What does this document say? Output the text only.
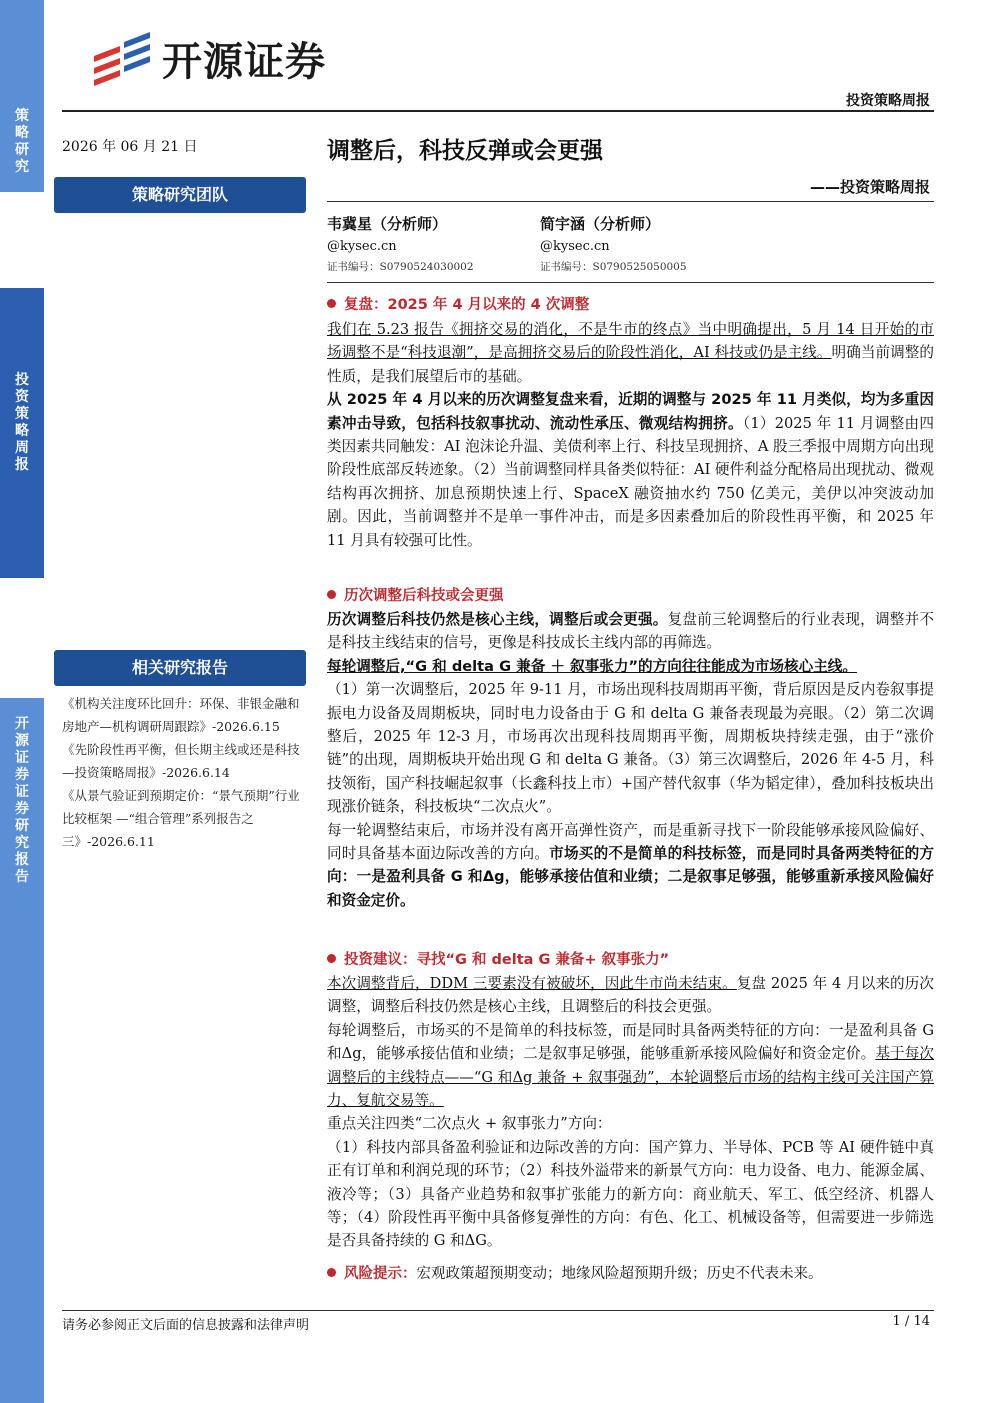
策略研究
投资策略周报
开源证券 证券研究报告
开源证券
投资策略周报
2026 年 06 月 21 日
策略研究团队
相关研究报告

《机构关注度环比回升：环保、非银金融和房地产—机构调研周跟踪》-2026.6.15

《先阶段性再平衡，但长期主线或还是科技—投资策略周报》-2026.6.14

《从景气验证到预期定价：“景气预期”行业比较框架 —“组合管理”系列报告之三》-2026.6.11

调整后，科技反弹或会更强
——投资策略周报
韦冀星（分析师）
@kysec.cn
证书编号：S0790524030002
简宇涵（分析师）
@kysec.cn
证书编号：S0790525050005
复盘：2025 年 4 月以来的 4 次调整
我们在 5.23 报告《拥挤交易的消化，不是牛市的终点》当中明确提出，5 月 14 日开始的市场调整不是“科技退潮”，是高拥挤交易后的阶段性消化，AI 科技或仍是主线。明确当前调整的性质，是我们展望后市的基础。
从 2025 年 4 月以来的历次调整复盘来看，近期的调整与 2025 年 11 月类似，均为多重因素冲击导致，包括科技叙事扰动、流动性承压、微观结构拥挤。（1）2025 年 11 月调整由四类因素共同触发：AI 泡沫论升温、美债利率上行、科技呈现拥挤、A 股三季报中周期方向出现阶段性底部反转迹象。（2）当前调整同样具备类似特征：AI 硬件利益分配格局出现扰动、微观结构再次拥挤、加息预期快速上行、SpaceX 融资抽水约 750 亿美元，美伊以冲突波动加剧。因此，当前调整并不是单一事件冲击，而是多因素叠加后的阶段性再平衡，和 2025 年 11 月具有较强可比性。
历次调整后科技或会更强
历次调整后科技仍然是核心主线，调整后或会更强。复盘前三轮调整后的行业表现，调整并不是科技主线结束的信号，更像是科技成长主线内部的再筛选。
每轮调整后,“G 和 delta G 兼备 ＋ 叙事张力”的方向往往能成为市场核心主线。
（1）第一次调整后，2025 年 9-11 月，市场出现科技周期再平衡，背后原因是反内卷叙事提振电力设备及周期板块，同时电力设备由于 G 和 delta G 兼备表现最为亮眼。（2）第二次调整后，2025 年 12-3 月，市场再次出现科技周期再平衡，周期板块持续走强，由于“涨价链”的出现，周期板块开始出现 G 和 delta G 兼备。（3）第三次调整后，2026 年 4-5 月，科技领衔，国产科技崛起叙事（长鑫科技上市）+国产替代叙事（华为韬定律），叠加科技板块出现涨价链条，科技板块“二次点火”。
每一轮调整结束后，市场并没有离开高弹性资产，而是重新寻找下一阶段能够承接风险偏好、同时具备基本面边际改善的方向。市场买的不是简单的科技标签，而是同时具备两类特征的方向：一是盈利具备 G 和Δg，能够承接估值和业绩；二是叙事足够强，能够重新承接风险偏好和资金定价。
投资建议：寻找“G 和 delta G 兼备+ 叙事张力”
本次调整背后，DDM 三要素没有被破坏，因此牛市尚未结束。复盘 2025 年 4 月以来的历次调整，调整后科技仍然是核心主线，且调整后的科技会更强。
每轮调整后，市场买的不是简单的科技标签，而是同时具备两类特征的方向：一是盈利具备 G 和Δg，能够承接估值和业绩；二是叙事足够强，能够重新承接风险偏好和资金定价。基于每次调整后的主线特点——“G 和Δg 兼备 + 叙事强劲”，本轮调整后市场的结构主线可关注国产算力、复航交易等。
重点关注四类“二次点火 + 叙事张力”方向：
（1）科技内部具备盈利验证和边际改善的方向：国产算力、半导体、PCB 等 AI 硬件链中真正有订单和利润兑现的环节；（2）科技外溢带来的新景气方向：电力设备、电力、能源金属、液冷等；（3）具备产业趋势和叙事扩张能力的新方向：商业航天、军工、低空经济、机器人等；（4）阶段性再平衡中具备修复弹性的方向：有色、化工、机械设备等，但需要进一步筛选是否具备持续的 G 和ΔG。
风险提示： 宏观政策超预期变动；地缘风险超预期升级；历史不代表未来。
请务必参阅正文后面的信息披露和法律声明	1 / 14
